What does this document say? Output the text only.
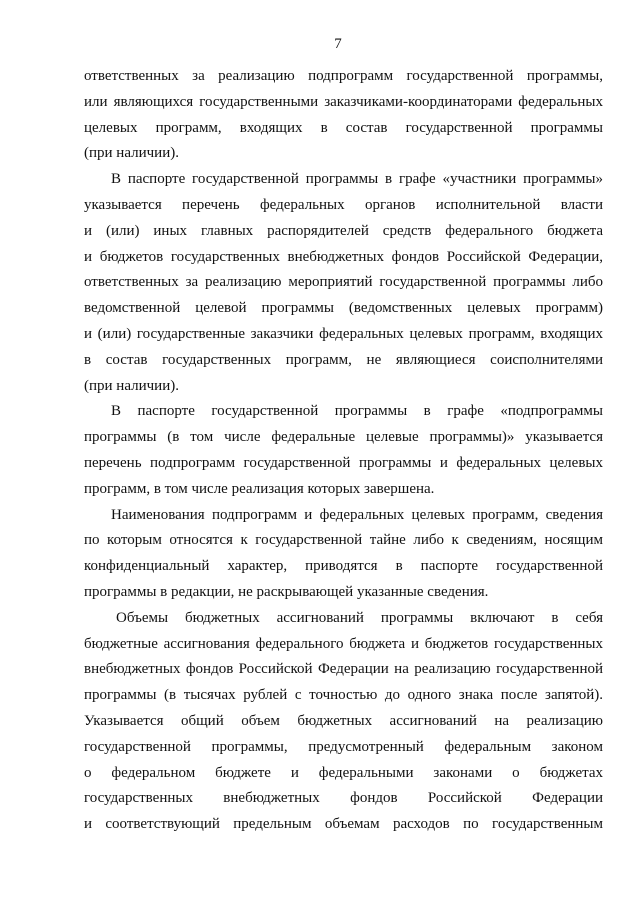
7
ответственных за реализацию подпрограмм государственной программы,
или являющихся государственными заказчиками-координаторами федеральных
целевых программ, входящих в состав государственной программы
(при наличии).
В паспорте государственной программы в графе «участники программы»
указывается перечень федеральных органов исполнительной власти
и (или) иных главных распорядителей средств федерального бюджета
и бюджетов государственных внебюджетных фондов Российской Федерации,
ответственных за реализацию мероприятий государственной программы либо
ведомственной целевой программы (ведомственных целевых программ)
и (или) государственные заказчики федеральных целевых программ, входящих
в состав государственных программ, не являющиеся соисполнителями
(при наличии).
В паспорте государственной программы в графе «подпрограммы
программы (в том числе федеральные целевые программы)» указывается
перечень подпрограмм государственной программы и федеральных целевых
программ, в том числе реализация которых завершена.
Наименования подпрограмм и федеральных целевых программ, сведения
по которым относятся к государственной тайне либо к сведениям, носящим
конфиденциальный характер, приводятся в паспорте государственной
программы в редакции, не раскрывающей указанные сведения.
Объемы бюджетных ассигнований программы включают в себя
бюджетные ассигнования федерального бюджета и бюджетов государственных
внебюджетных фондов Российской Федерации на реализацию государственной
программы (в тысячах рублей с точностью до одного знака после запятой).
Указывается общий объем бюджетных ассигнований на реализацию
государственной программы, предусмотренный федеральным законом
о федеральном бюджете и федеральными законами о бюджетах
государственных внебюджетных фондов Российской Федерации
и соответствующий предельным объемам расходов по государственным
